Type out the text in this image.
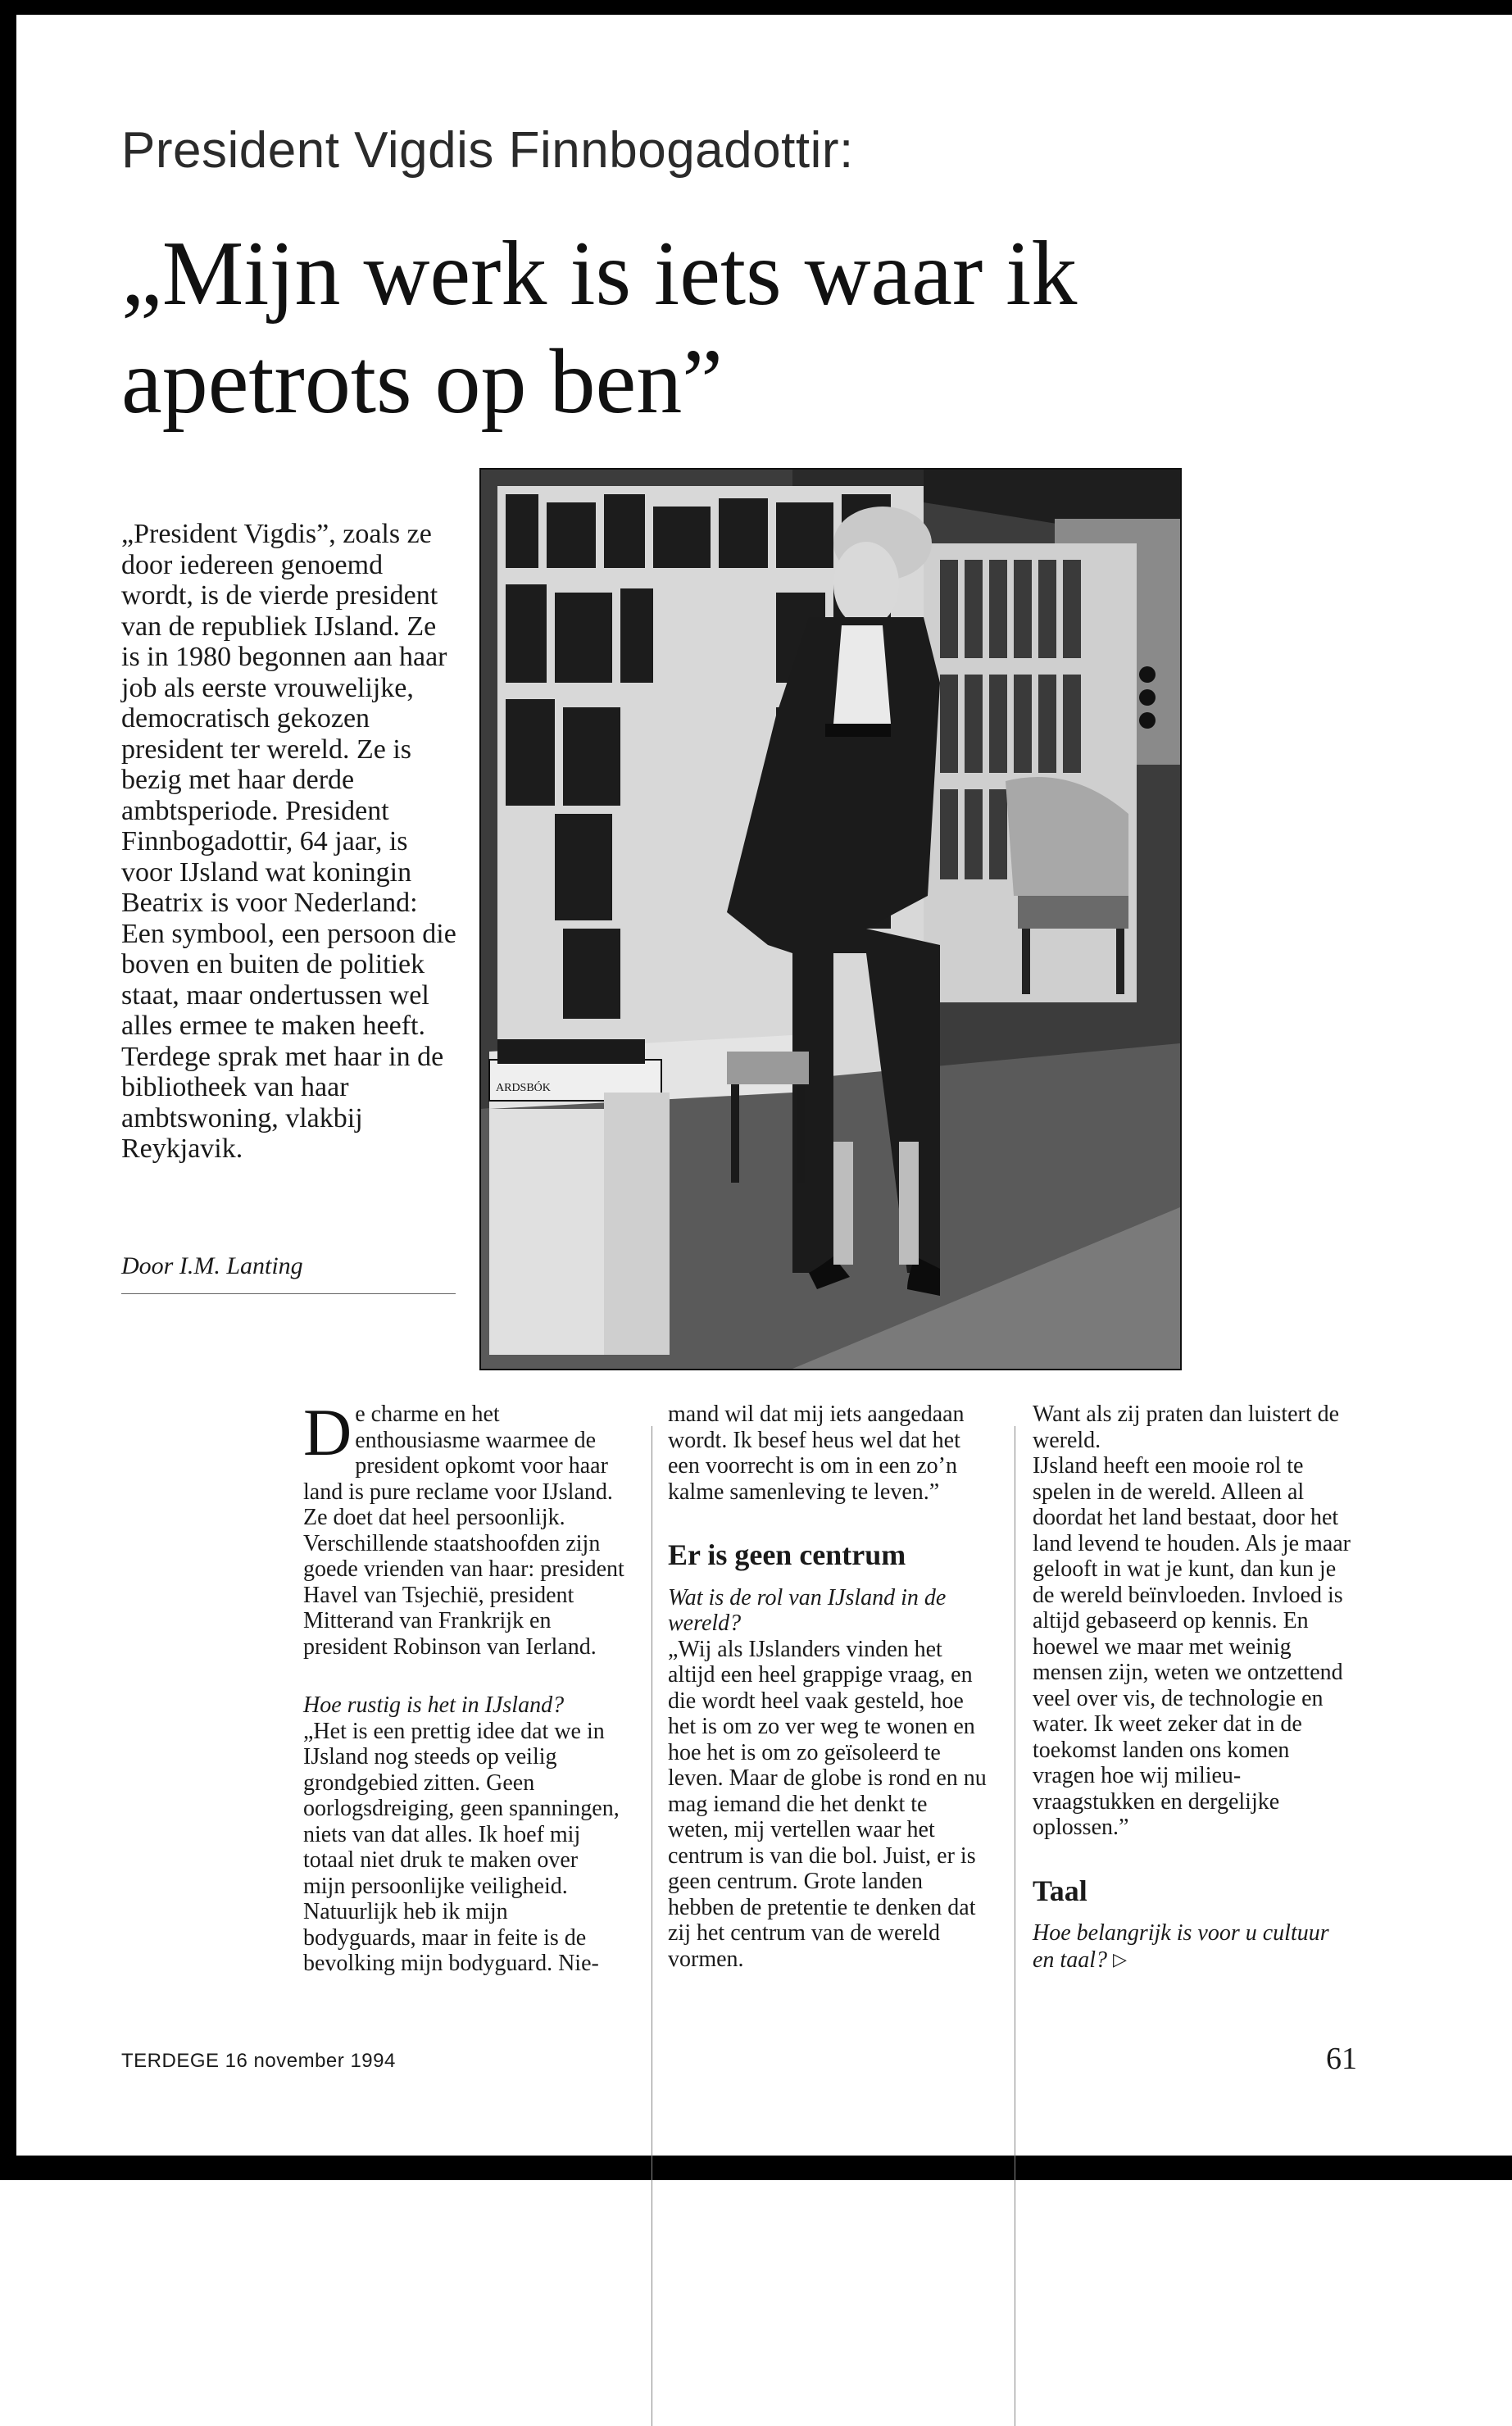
President Vigdis Finnbogadottir:
„Mijn werk is iets waar ik apetrots op ben”
„President Vigdis”, zoals ze door iedereen genoemd wordt, is de vierde president van de republiek IJsland. Ze is in 1980 begonnen aan haar job als eerste vrouwelijke, democratisch gekozen president ter wereld. Ze is bezig met haar derde ambtsperiode. President Finnbogadottir, 64 jaar, is voor IJsland wat koningin Beatrix is voor Nederland: Een symbool, een persoon die boven en buiten de politiek staat, maar ondertussen wel alles ermee te maken heeft. Terdege sprak met haar in de bibliotheek van haar ambtswoning, vlakbij Reykjavik.
Door I.M. Lanting
ARDSBÓK

De charme en het enthousiasme waarmee de president opkomt voor haar land is pure reclame voor IJsland. Ze doet dat heel persoonlijk. Verschillende staatshoofden zijn goede vrienden van haar: president Havel van Tsjechië, president Mitterand van Frankrijk en president Robinson van Ierland.

Hoe rustig is het in IJsland?

„Het is een prettig idee dat we in IJsland nog steeds op veilig grondgebied zitten. Geen oorlogsdreiging, geen spanningen, niets van dat alles. Ik hoef mij totaal niet druk te maken over mijn persoonlijke veiligheid. Natuurlijk heb ik mijn bodyguards, maar in feite is de bevolking mijn bodyguard. Nie-

mand wil dat mij iets aangedaan wordt. Ik besef heus wel dat het een voorrecht is om in een zo’n kalme samenleving te leven.”

Er is geen centrum

Wat is de rol van IJsland in de wereld?

„Wij als IJslanders vinden het altijd een heel grappige vraag, en die wordt heel vaak gesteld, hoe het is om zo ver weg te wonen en hoe het is om zo geïsoleerd te leven. Maar de globe is rond en nu mag iemand die het denkt te weten, mij vertellen waar het centrum is van die bol. Juist, er is geen centrum. Grote landen hebben de pretentie te denken dat zij het centrum van de wereld vormen.

Want als zij praten dan luistert de wereld.

IJsland heeft een mooie rol te spelen in de wereld. Alleen al doordat het land bestaat, door het land levend te houden. Als je maar gelooft in wat je kunt, dan kun je de wereld beïnvloeden. Invloed is altijd gebaseerd op kennis. En hoewel we maar met weinig mensen zijn, weten we ontzettend veel over vis, de technologie en water. Ik weet zeker dat in de toekomst landen ons komen vragen hoe wij milieu-vraagstukken en dergelijke oplossen.”

Taal

Hoe belangrijk is voor u cultuur en taal? ▷

TERDEGE 16 november 1994	61
